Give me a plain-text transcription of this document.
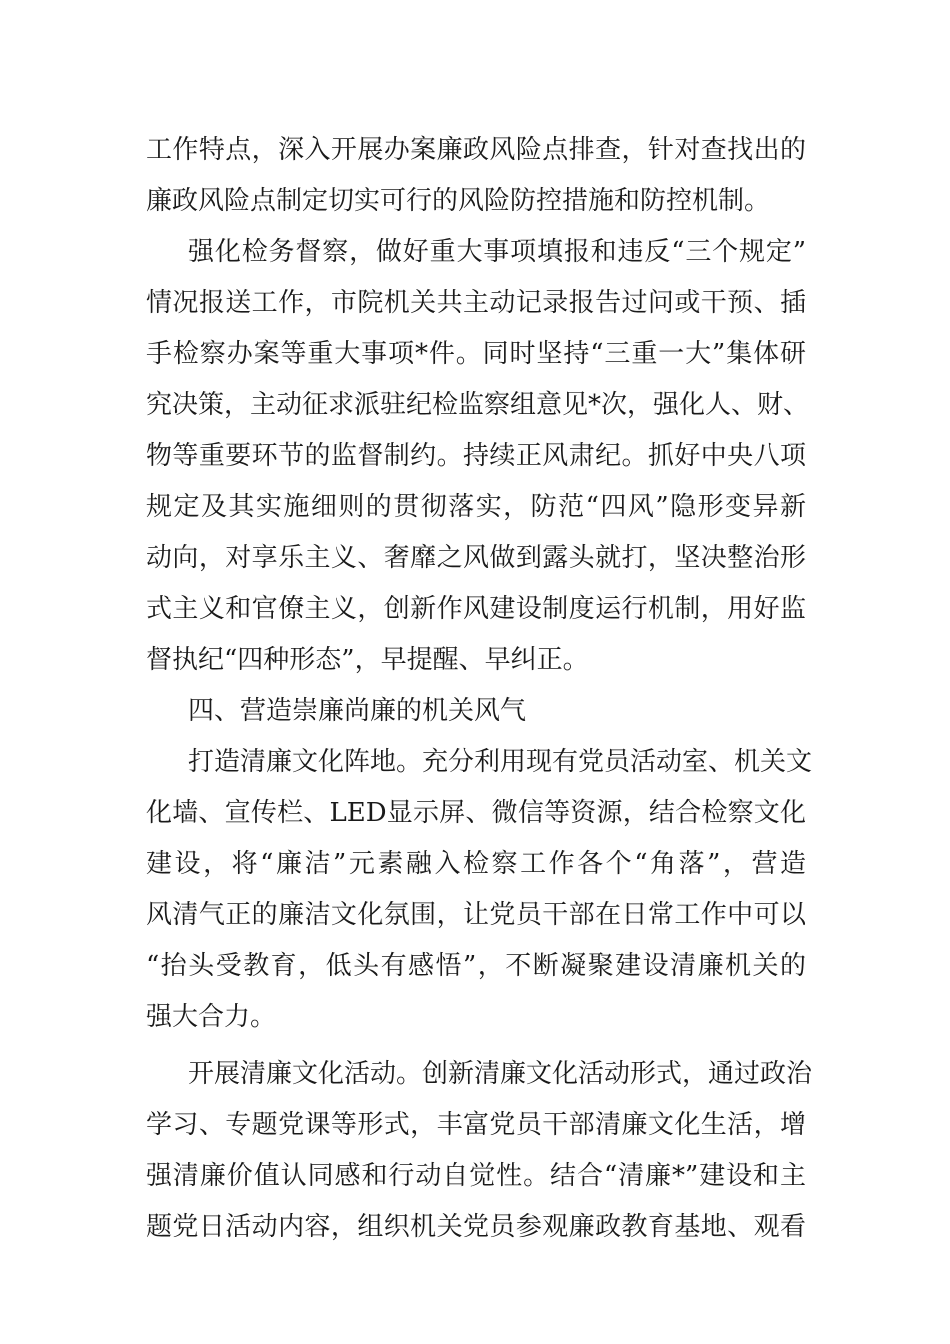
工作特点，深入开展办案廉政风险点排查，针对查找出的
廉政风险点制定切实可行的风险防控措施和防控机制。
强化检务督察，做好重大事项填报和违反“三个规定”
情况报送工作，市院机关共主动记录报告过问或干预、插
手检察办案等重大事项*件。同时坚持“三重一大”集体研
究决策，主动征求派驻纪检监察组意见*次，强化人、财、
物等重要环节的监督制约。持续正风肃纪。抓好中央八项
规定及其实施细则的贯彻落实，防范“四风”隐形变异新
动向，对享乐主义、奢靡之风做到露头就打，坚决整治形
式主义和官僚主义，创新作风建设制度运行机制，用好监
督执纪“四种形态”，早提醒、早纠正。
四、营造崇廉尚廉的机关风气
打造清廉文化阵地。充分利用现有党员活动室、机关文
化墙、宣传栏、LED显示屏、微信等资源，结合检察文化
建设，将“廉洁”元素融入检察工作各个“角落”，营造
风清气正的廉洁文化氛围，让党员干部在日常工作中可以
“抬头受教育，低头有感悟”，不断凝聚建设清廉机关的
强大合力。
开展清廉文化活动。创新清廉文化活动形式，通过政治
学习、专题党课等形式，丰富党员干部清廉文化生活，增
强清廉价值认同感和行动自觉性。结合“清廉*”建设和主
题党日活动内容，组织机关党员参观廉政教育基地、观看
